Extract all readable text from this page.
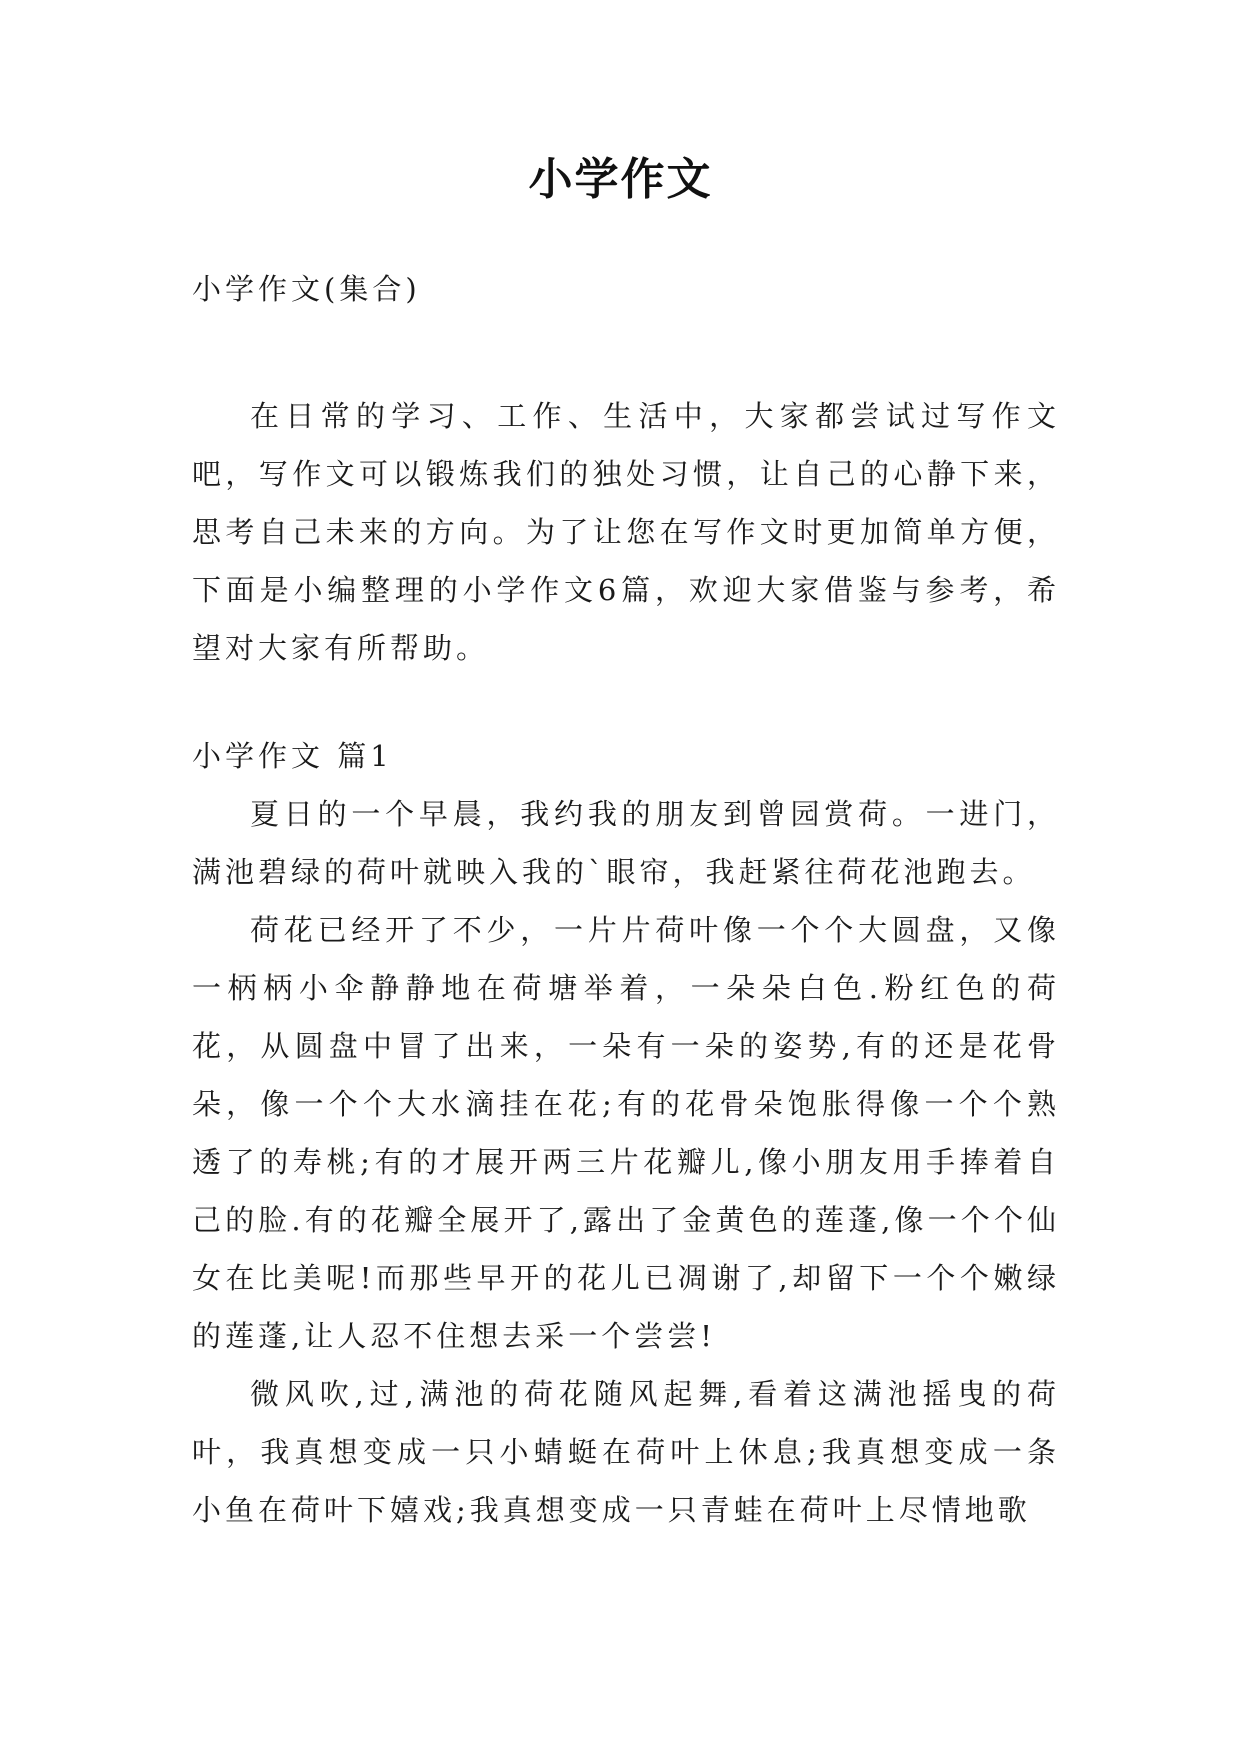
小学作文

小学作文(集合)

在日常的学习、工作、生活中，大家都尝试过写作文吧，写作文可以锻炼我们的独处习惯，让自己的心静下来，思考自己未来的方向。为了让您在写作文时更加简单方便，下面是小编整理的小学作文6篇，欢迎大家借鉴与参考，希望对大家有所帮助。

小学作文 篇1

夏日的一个早晨，我约我的朋友到曾园赏荷。一进门，满池碧绿的荷叶就映入我的`眼帘，我赶紧往荷花池跑去。

荷花已经开了不少，一片片荷叶像一个个大圆盘，又像一柄柄小伞静静地在荷塘举着，一朵朵白色.粉红色的荷花，从圆盘中冒了出来，一朵有一朵的姿势,有的还是花骨朵，像一个个大水滴挂在花;有的花骨朵饱胀得像一个个熟透了的寿桃;有的才展开两三片花瓣儿,像小朋友用手捧着自己的脸.有的花瓣全展开了,露出了金黄色的莲蓬,像一个个仙女在比美呢!而那些早开的花儿已凋谢了,却留下一个个嫩绿的莲蓬,让人忍不住想去采一个尝尝!

微风吹,过,满池的荷花随风起舞,看着这满池摇曳的荷叶，我真想变成一只小蜻蜓在荷叶上休息;我真想变成一条小鱼在荷叶下嬉戏;我真想变成一只青蛙在荷叶上尽情地歌
